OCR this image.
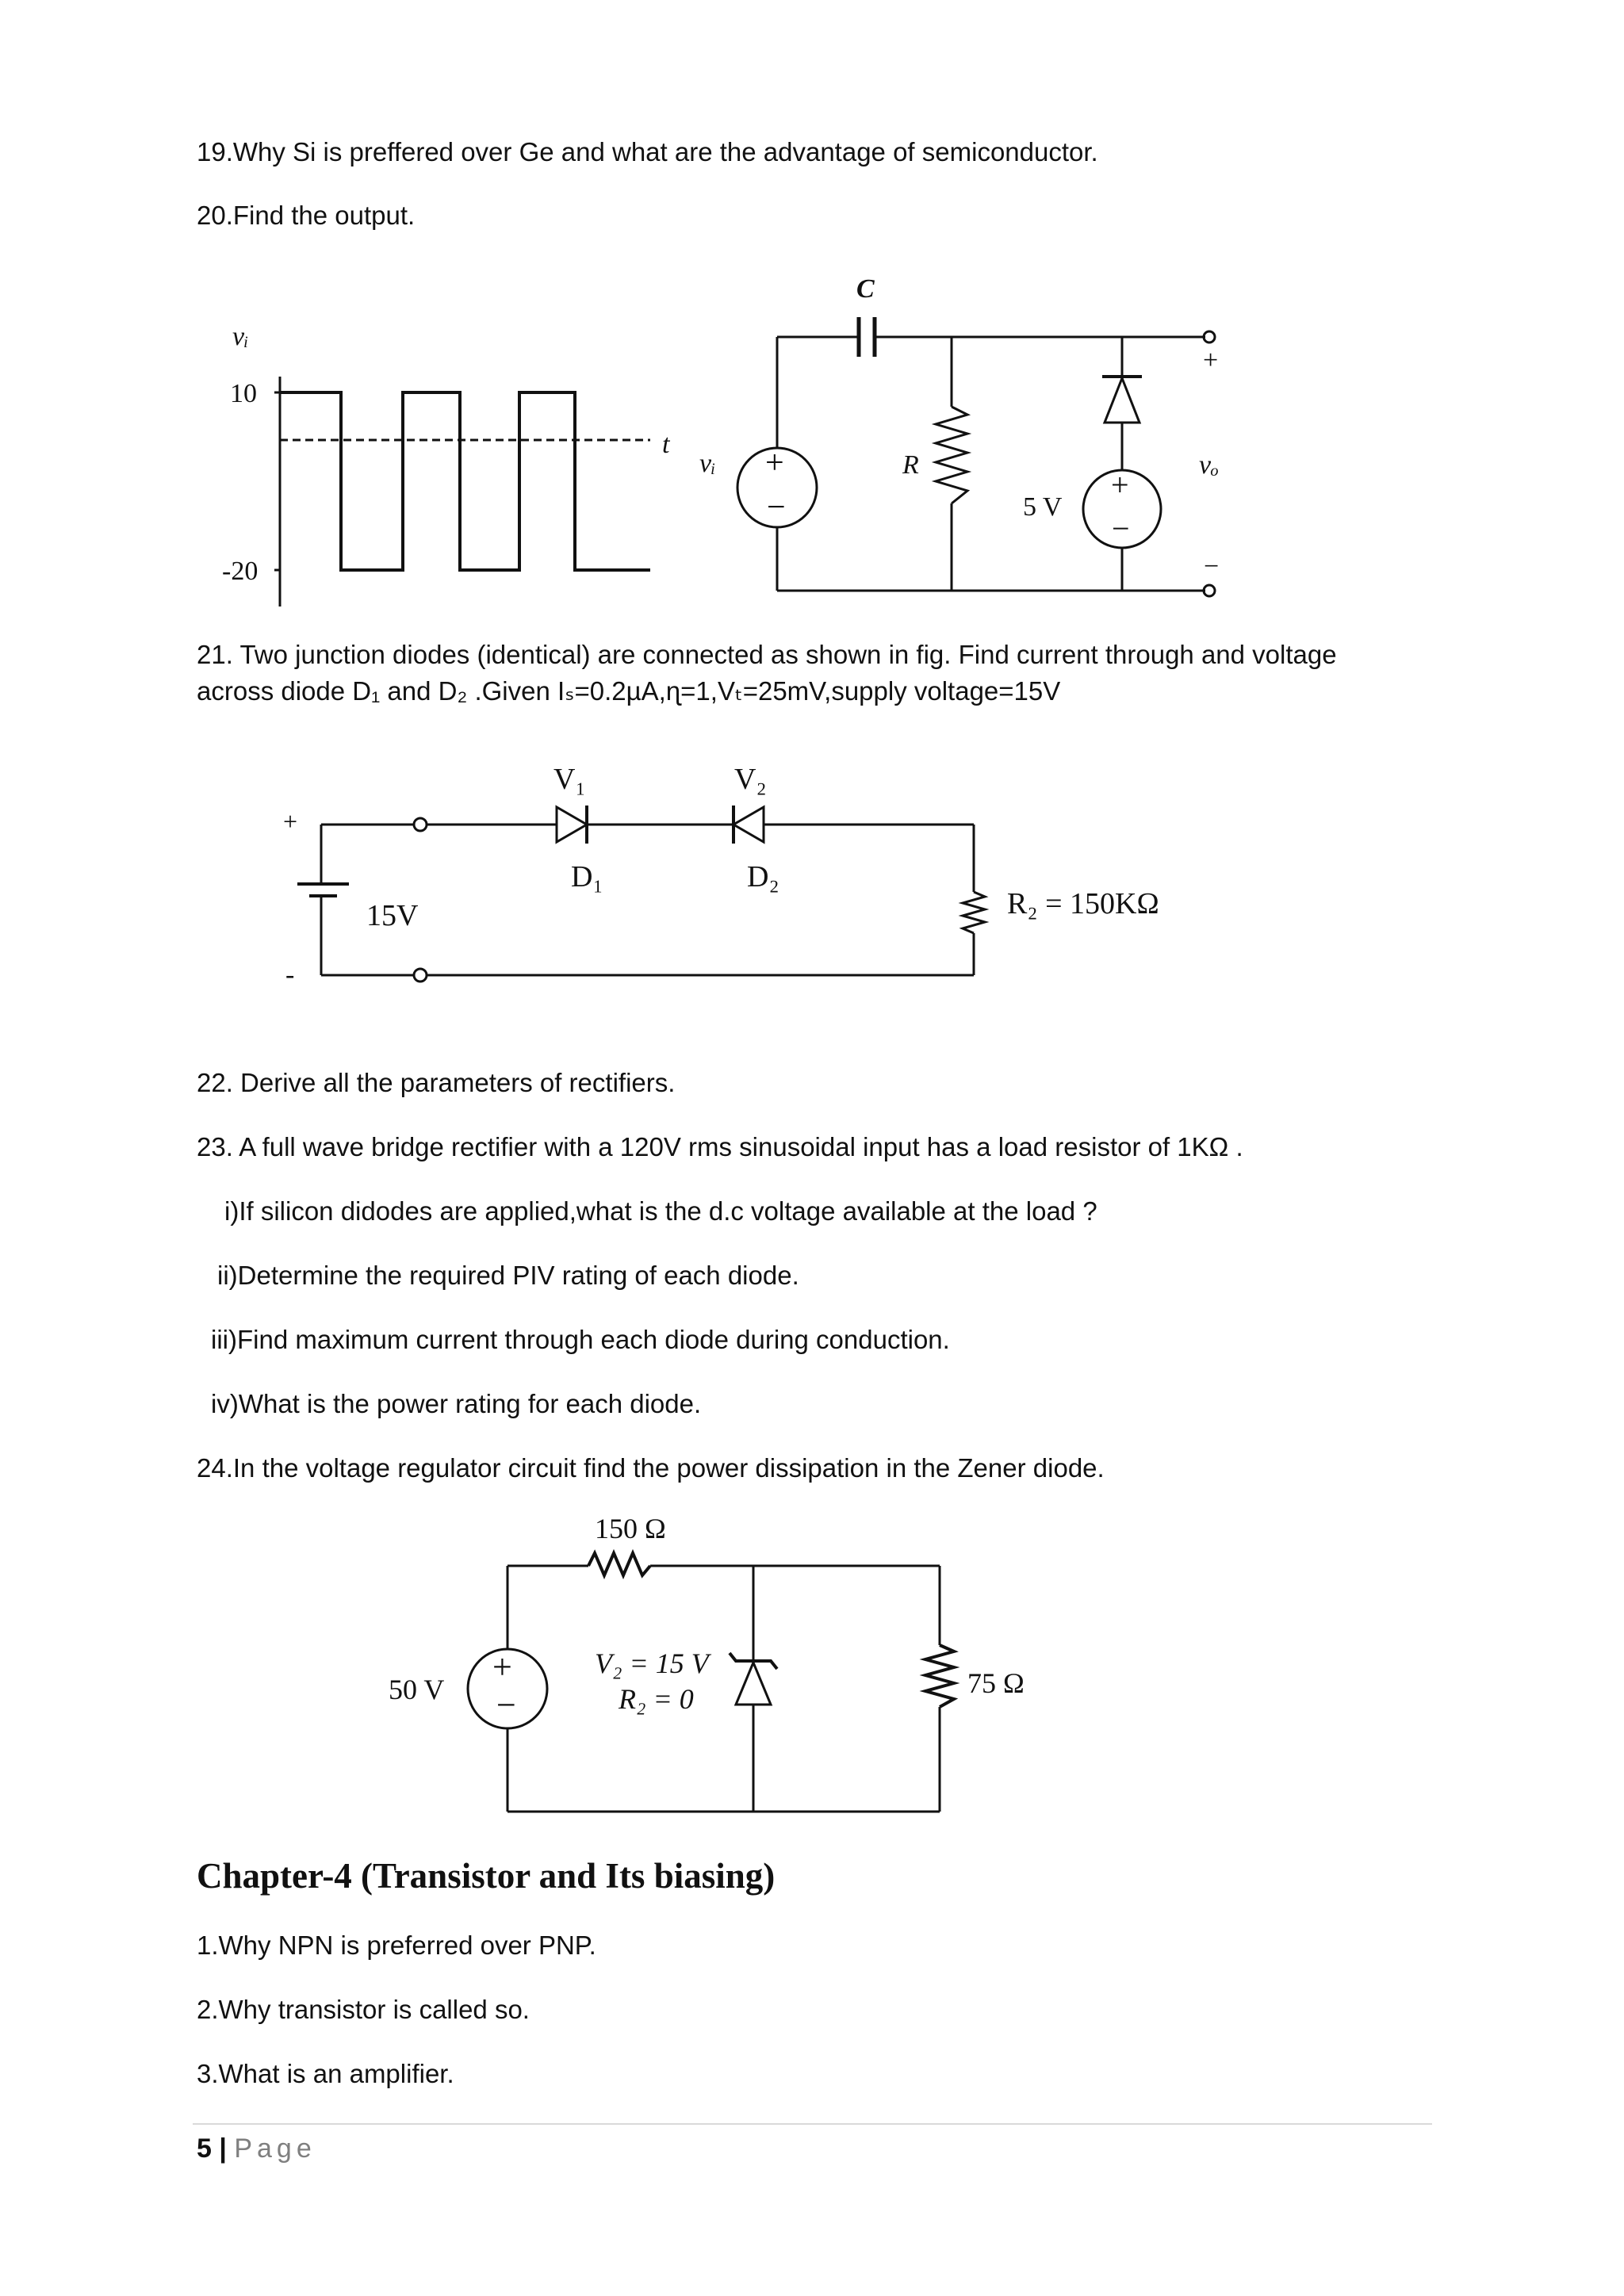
19.Why Si is preffered over Ge and what are the advantage of semiconductor.

20.Find the output.

vᵢ
10
-20
t
vᵢ +
−
C
R
5 V
+
−
+
−
vₒ

21. Two junction diodes (identical) are connected as shown in fig. Find current through and voltage

across diode D₁ and D₂ .Given Iₛ=0.2µA,ɳ=1,Vₜ=25mV,supply voltage=15V

+
-
15V
V₁	V₂
D₁	D₂
R₂ = 150KΩ

22. Derive all the parameters of rectifiers.

23. A full wave bridge rectifier with a 120V rms sinusoidal input has a load resistor of 1KΩ .

i)If silicon didodes are applied,what is the d.c voltage available at the load ?

ii)Determine the required PIV rating of each diode.

iii)Find maximum current through each diode during conduction.

iv)What is the power rating for each diode.

24.In the voltage regulator circuit find the power dissipation in the Zener diode.

150 Ω
50 V
+
−
V₂ = 15 V
R₂ = 0	75 Ω

Chapter-4 (Transistor and Its biasing)

1.Why NPN is preferred over PNP.

2.Why transistor is called so.

3.What is an amplifier.

5 | Page
